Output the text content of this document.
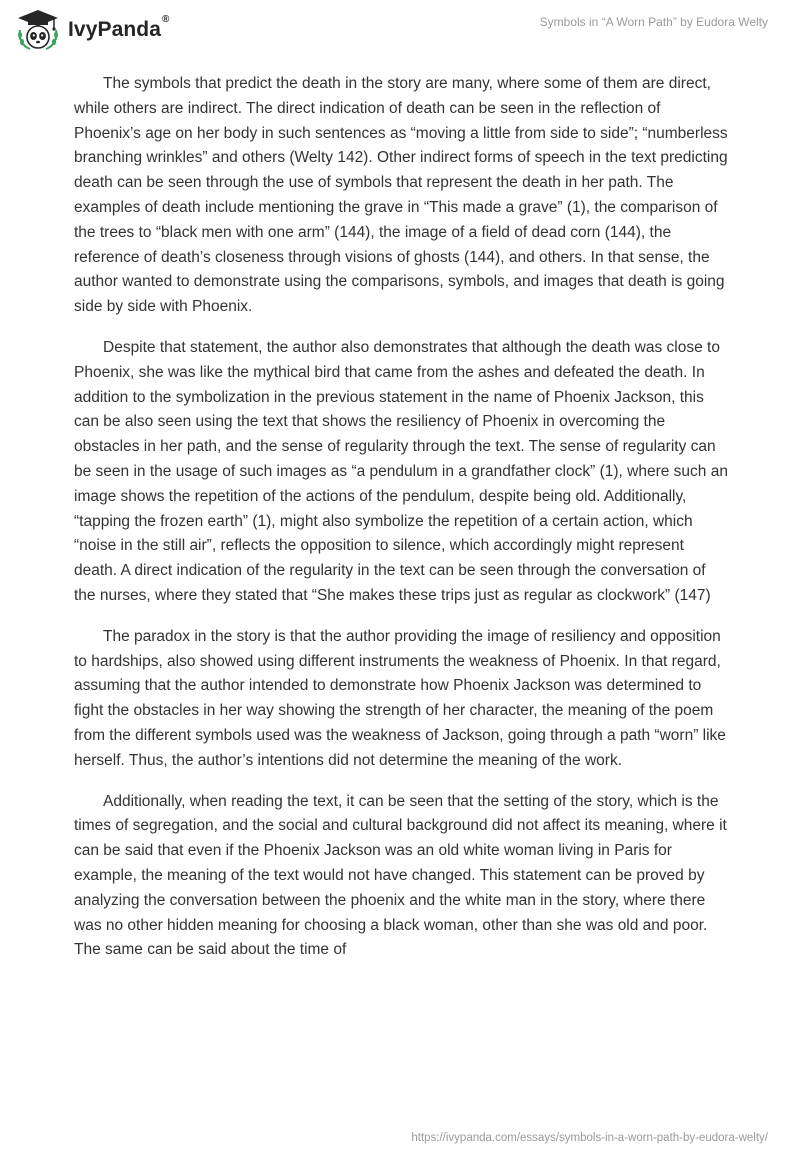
IvyPanda®	Symbols in “A Worn Path” by Eudora Welty

The symbols that predict the death in the story are many, where some of them are direct, while others are indirect. The direct indication of death can be seen in the reflection of Phoenix’s age on her body in such sentences as “moving a little from side to side”; “numberless branching wrinkles” and others (Welty 142). Other indirect forms of speech in the text predicting death can be seen through the use of symbols that represent the death in her path. The examples of death include mentioning the grave in “This made a grave” (1), the comparison of the trees to “black men with one arm” (144), the image of a field of dead corn (144), the reference of death’s closeness through visions of ghosts (144), and others. In that sense, the author wanted to demonstrate using the comparisons, symbols, and images that death is going side by side with Phoenix.

Despite that statement, the author also demonstrates that although the death was close to Phoenix, she was like the mythical bird that came from the ashes and defeated the death. In addition to the symbolization in the previous statement in the name of Phoenix Jackson, this can be also seen using the text that shows the resiliency of Phoenix in overcoming the obstacles in her path, and the sense of regularity through the text. The sense of regularity can be seen in the usage of such images as “a pendulum in a grandfather clock” (1), where such an image shows the repetition of the actions of the pendulum, despite being old. Additionally, “tapping the frozen earth” (1), might also symbolize the repetition of a certain action, which “noise in the still air”, reflects the opposition to silence, which accordingly might represent death. A direct indication of the regularity in the text can be seen through the conversation of the nurses, where they stated that “She makes these trips just as regular as clockwork” (147)

The paradox in the story is that the author providing the image of resiliency and opposition to hardships, also showed using different instruments the weakness of Phoenix. In that regard, assuming that the author intended to demonstrate how Phoenix Jackson was determined to fight the obstacles in her way showing the strength of her character, the meaning of the poem from the different symbols used was the weakness of Jackson, going through a path “worn” like herself. Thus, the author’s intentions did not determine the meaning of the work.

Additionally, when reading the text, it can be seen that the setting of the story, which is the times of segregation, and the social and cultural background did not affect its meaning, where it can be said that even if the Phoenix Jackson was an old white woman living in Paris for example, the meaning of the text would not have changed. This statement can be proved by analyzing the conversation between the phoenix and the white man in the story, where there was no other hidden meaning for choosing a black woman, other than she was old and poor. The same can be said about the time of

https://ivypanda.com/essays/symbols-in-a-worn-path-by-eudora-welty/
